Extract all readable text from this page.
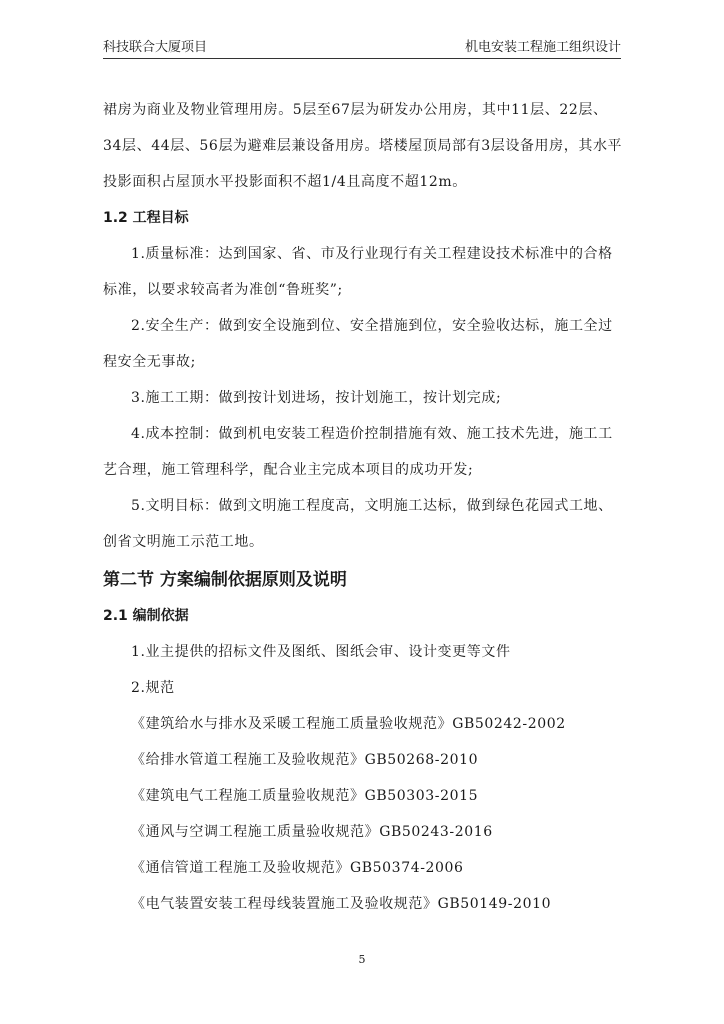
科技联合大厦项目	机电安装工程施工组织设计

裙房为商业及物业管理用房。5层至67层为研发办公用房，其中11层、22层、34层、44层、56层为避难层兼设备用房。塔楼屋顶局部有3层设备用房，其水平投影面积占屋顶水平投影面积不超1/4且高度不超12m。

1.2 工程目标

1.质量标准：达到国家、省、市及行业现行有关工程建设技术标准中的合格标准，以要求较高者为准创“鲁班奖”;

2.安全生产：做到安全设施到位、安全措施到位，安全验收达标，施工全过程安全无事故;

3.施工工期：做到按计划进场，按计划施工，按计划完成;

4.成本控制：做到机电安装工程造价控制措施有效、施工技术先进，施工工艺合理，施工管理科学，配合业主完成本项目的成功开发;

5.文明目标：做到文明施工程度高，文明施工达标，做到绿色花园式工地、创省文明施工示范工地。

第二节 方案编制依据原则及说明
2.1 编制依据

1.业主提供的招标文件及图纸、图纸会审、设计变更等文件

2.规范

《建筑给水与排水及采暖工程施工质量验收规范》GB50242-2002

《给排水管道工程施工及验收规范》GB50268-2010

《建筑电气工程施工质量验收规范》GB50303-2015

《通风与空调工程施工质量验收规范》GB50243-2016

《通信管道工程施工及验收规范》GB50374-2006

《电气装置安装工程母线装置施工及验收规范》GB50149-2010

5
